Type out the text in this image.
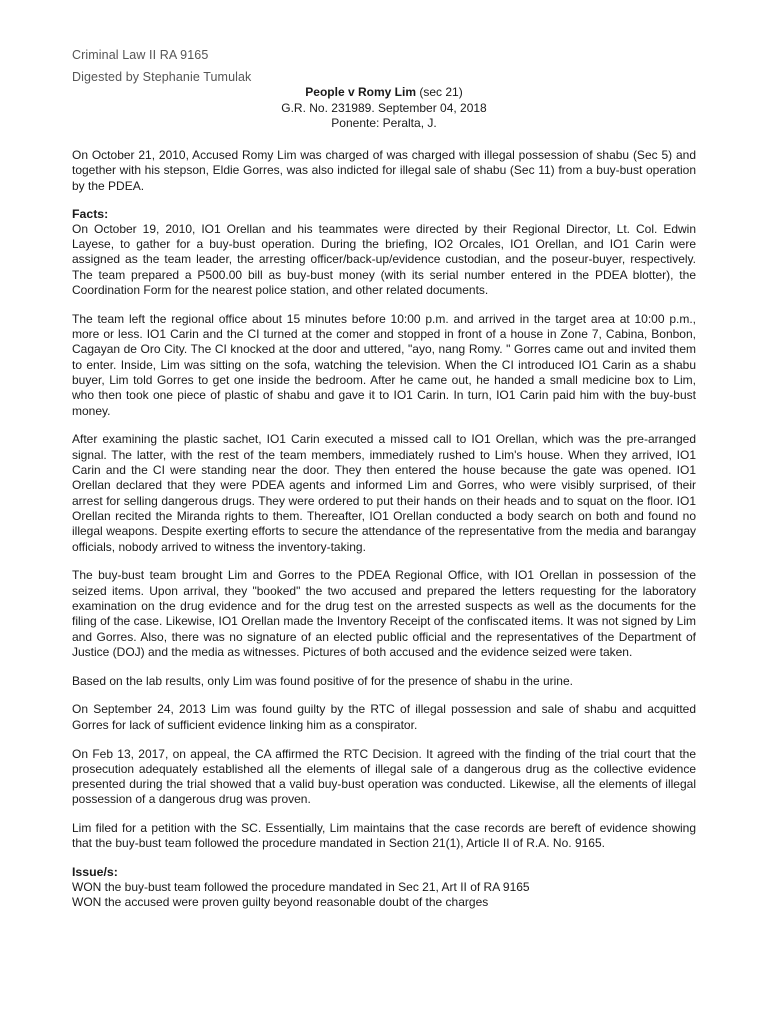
Criminal Law II RA 9165
Digested by Stephanie Tumulak
People v Romy Lim (sec 21)
G.R. No. 231989. September 04, 2018
Ponente: Peralta, J.

On October 21, 2010, Accused Romy Lim was charged of was charged with illegal possession of shabu (Sec 5) and together with his stepson, Eldie Gorres, was also indicted for illegal sale of shabu (Sec 11) from a buy-bust operation by the PDEA.

Facts:

On October 19, 2010, IO1 Orellan and his teammates were directed by their Regional Director, Lt. Col. Edwin Layese, to gather for a buy-bust operation. During the briefing, IO2 Orcales, IO1 Orellan, and IO1 Carin were assigned as the team leader, the arresting officer/back-up/evidence custodian, and the poseur-buyer, respectively. The team prepared a P500.00 bill as buy-bust money (with its serial number entered in the PDEA blotter), the Coordination Form for the nearest police station, and other related documents.

The team left the regional office about 15 minutes before 10:00 p.m. and arrived in the target area at 10:00 p.m., more or less. IO1 Carin and the CI turned at the comer and stopped in front of a house in Zone 7, Cabina, Bonbon, Cagayan de Oro City. The CI knocked at the door and uttered, "ayo, nang Romy. " Gorres came out and invited them to enter. Inside, Lim was sitting on the sofa, watching the television. When the CI introduced IO1 Carin as a shabu buyer, Lim told Gorres to get one inside the bedroom. After he came out, he handed a small medicine box to Lim, who then took one piece of plastic of shabu and gave it to IO1 Carin. In turn, IO1 Carin paid him with the buy-bust money.

After examining the plastic sachet, IO1 Carin executed a missed call to IO1 Orellan, which was the pre-arranged signal. The latter, with the rest of the team members, immediately rushed to Lim's house. When they arrived, IO1 Carin and the CI were standing near the door. They then entered the house because the gate was opened. IO1 Orellan declared that they were PDEA agents and informed Lim and Gorres, who were visibly surprised, of their arrest for selling dangerous drugs. They were ordered to put their hands on their heads and to squat on the floor. IO1 Orellan recited the Miranda rights to them. Thereafter, IO1 Orellan conducted a body search on both and found no illegal weapons. Despite exerting efforts to secure the attendance of the representative from the media and barangay officials, nobody arrived to witness the inventory-taking.

The buy-bust team brought Lim and Gorres to the PDEA Regional Office, with IO1 Orellan in possession of the seized items. Upon arrival, they "booked" the two accused and prepared the letters requesting for the laboratory examination on the drug evidence and for the drug test on the arrested suspects as well as the documents for the filing of the case. Likewise, IO1 Orellan made the Inventory Receipt of the confiscated items. It was not signed by Lim and Gorres. Also, there was no signature of an elected public official and the representatives of the Department of Justice (DOJ) and the media as witnesses. Pictures of both accused and the evidence seized were taken.

Based on the lab results, only Lim was found positive of for the presence of shabu in the urine.

On September 24, 2013 Lim was found guilty by the RTC of illegal possession and sale of shabu and acquitted Gorres for lack of sufficient evidence linking him as a conspirator.

On Feb 13, 2017, on appeal, the CA affirmed the RTC Decision. It agreed with the finding of the trial court that the prosecution adequately established all the elements of illegal sale of a dangerous drug as the collective evidence presented during the trial showed that a valid buy-bust operation was conducted. Likewise, all the elements of illegal possession of a dangerous drug was proven.

Lim filed for a petition with the SC. Essentially, Lim maintains that the case records are bereft of evidence showing that the buy-bust team followed the procedure mandated in Section 21(1), Article II of R.A. No. 9165.

Issue/s:

WON the buy-bust team followed the procedure mandated in Sec 21, Art II of RA 9165

WON the accused were proven guilty beyond reasonable doubt of the charges
